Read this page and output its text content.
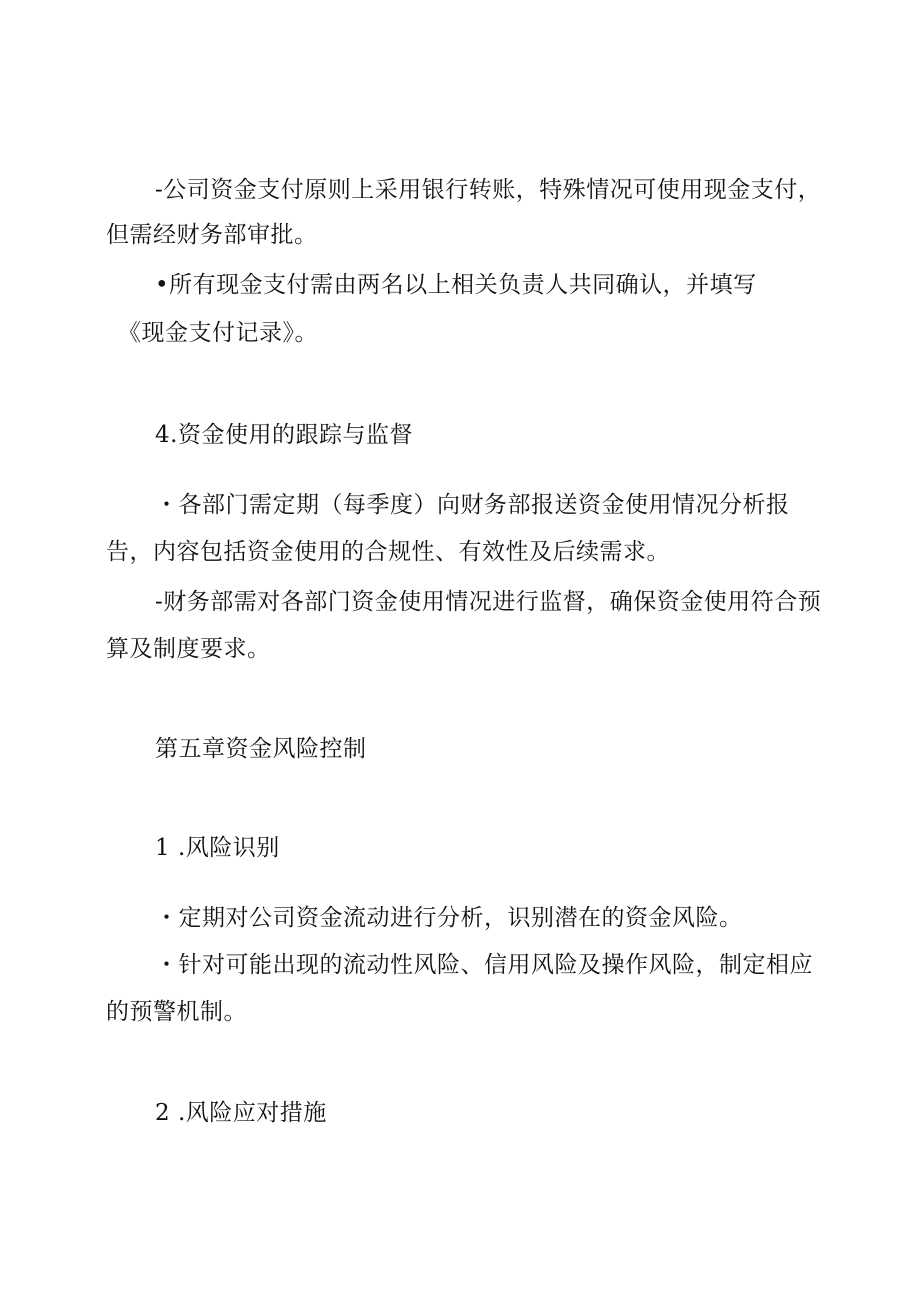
-公司资金支付原则上采用银行转账，特殊情况可使用现金支付，
但需经财务部审批。
•所有现金支付需由两名以上相关负责人共同确认，并填写
《现金支付记录》。
4.资金使用的跟踪与监督
・各部门需定期（每季度）向财务部报送资金使用情况分析报
告，内容包括资金使用的合规性、有效性及后续需求。
-财务部需对各部门资金使用情况进行监督，确保资金使用符合预
算及制度要求。
第五章资金风险控制
1 .风险识别
・定期对公司资金流动进行分析，识别潜在的资金风险。
・针对可能出现的流动性风险、信用风险及操作风险，制定相应
的预警机制。
2 .风险应对措施
